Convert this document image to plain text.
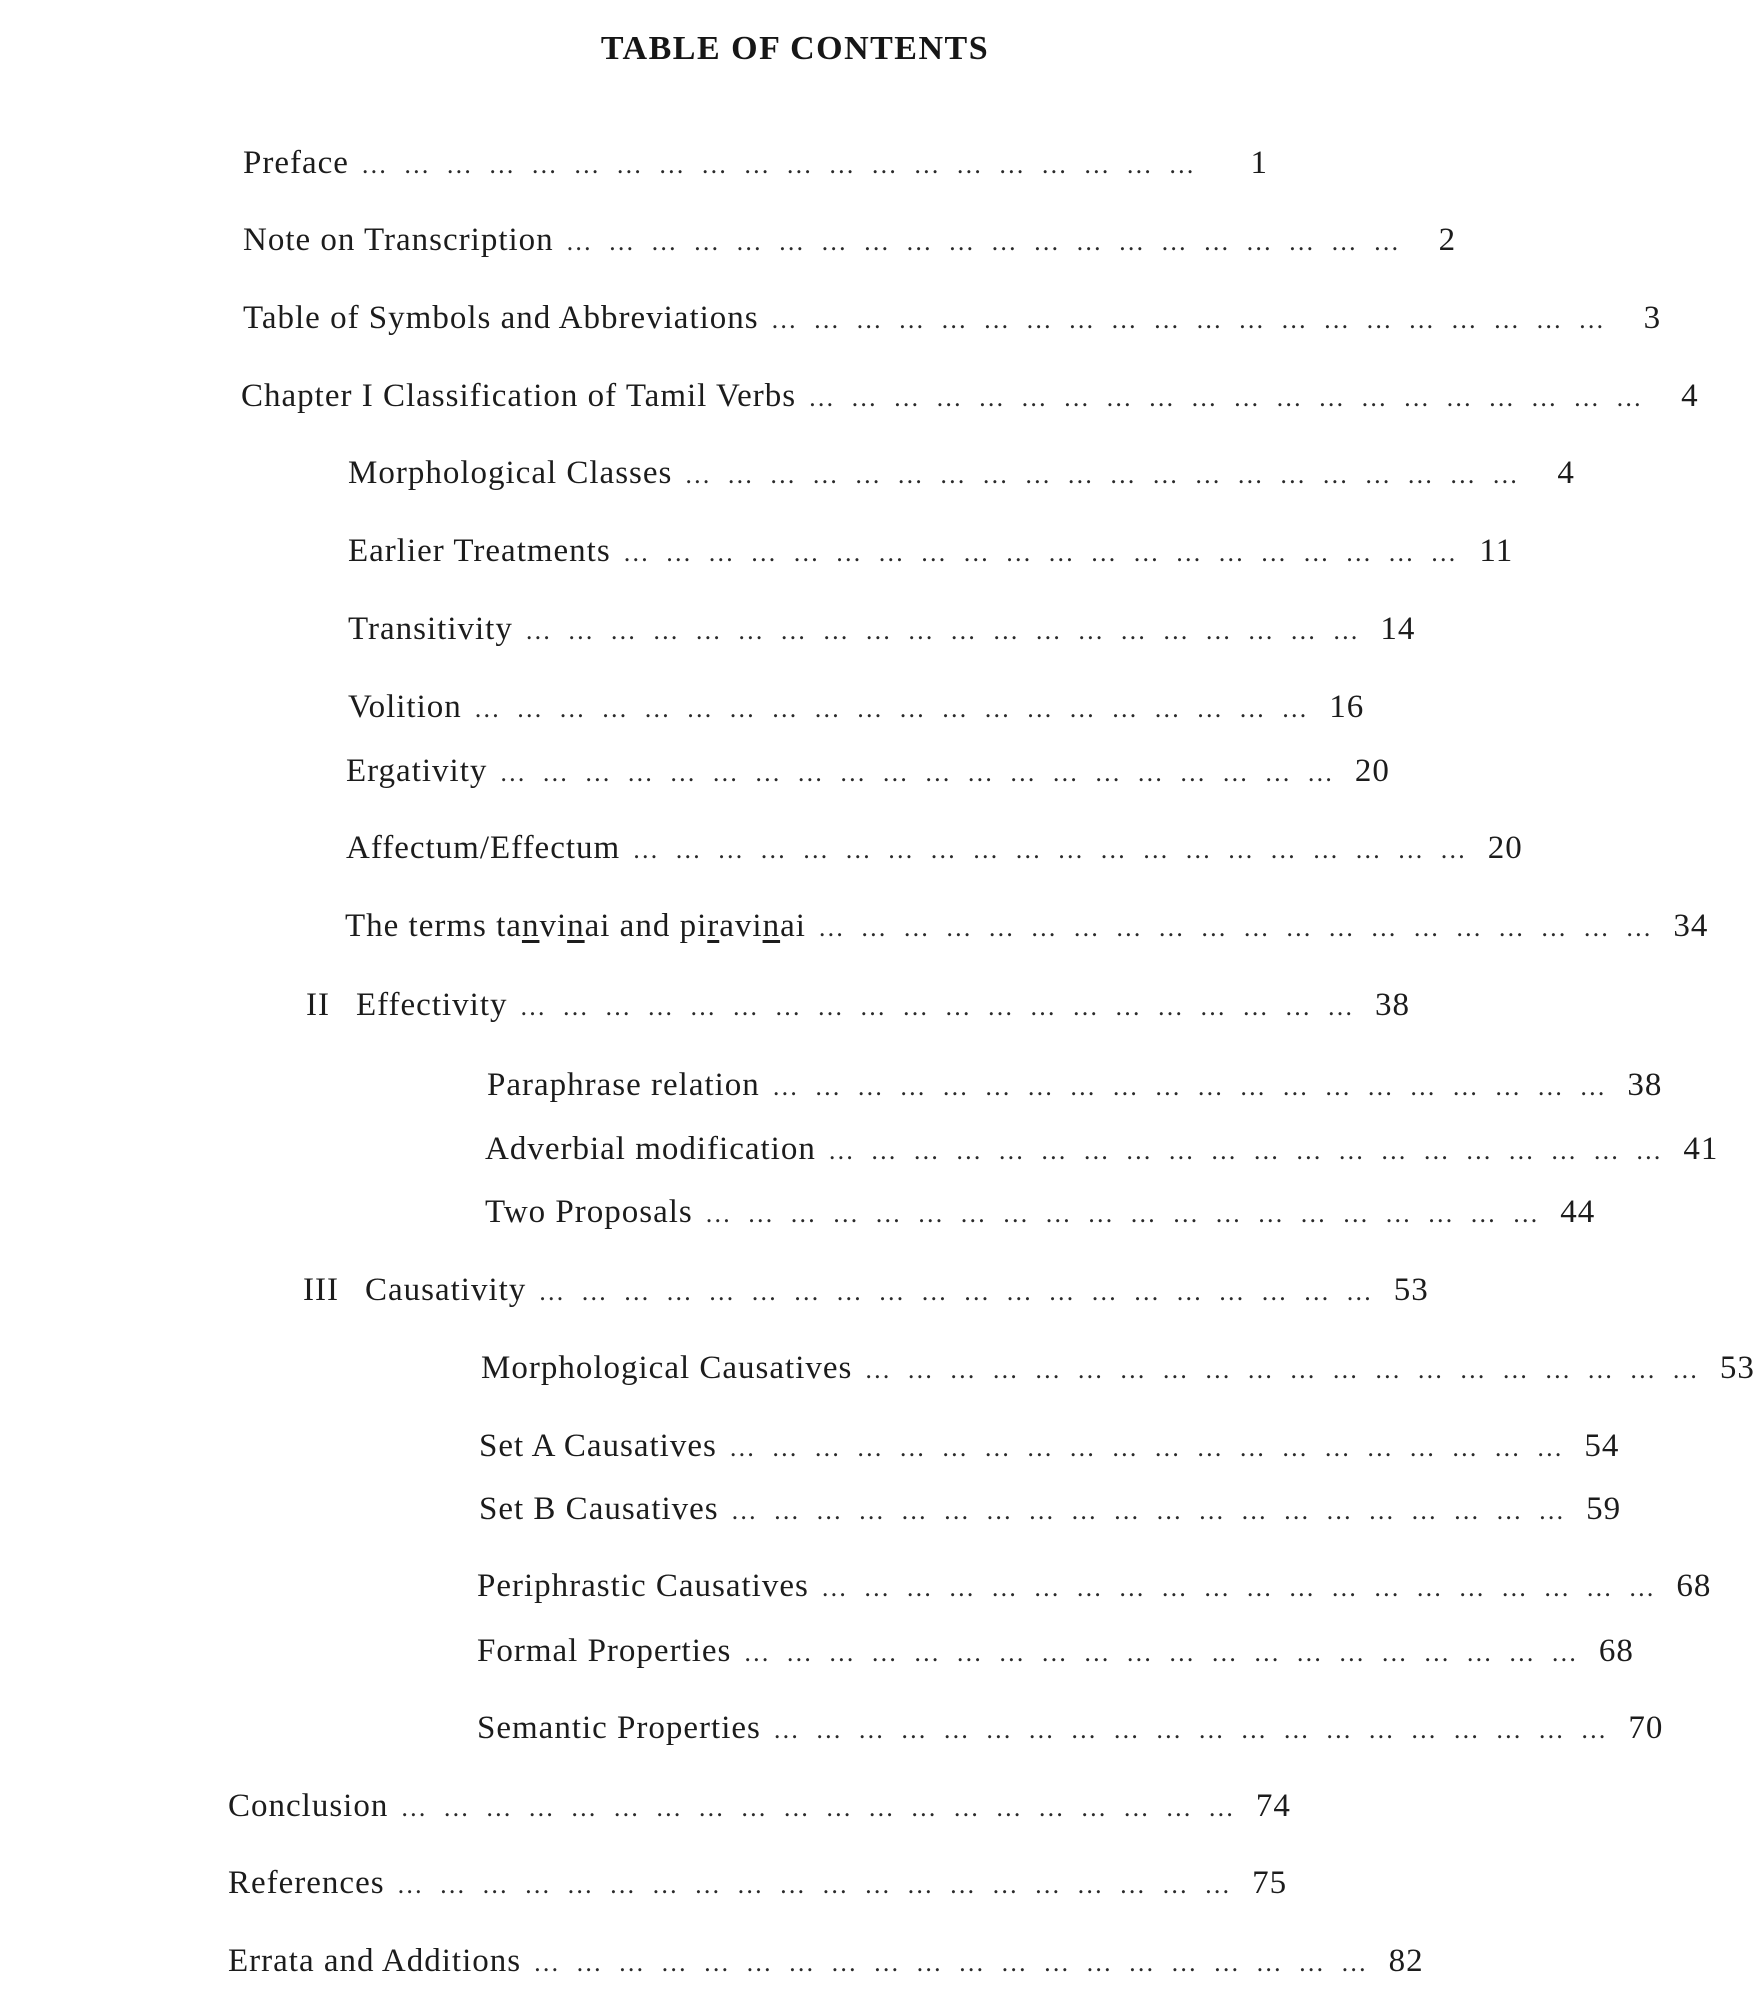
TABLE OF CONTENTS
Preface … … … … … … … … … … … … … … … … … … … …	1
Note on Transcription … … … … … … … … … … … … … … … … … … … …	2
Table of Symbols and Abbreviations … … … … … … … … … … … … … … … … … … … …	3
Chapter I Classification of Tamil Verbs … … … … … … … … … … … … … … … … … … … …	4
Morphological Classes … … … … … … … … … … … … … … … … … … … …	4
Earlier Treatments … … … … … … … … … … … … … … … … … … … … 11
Transitivity … … … … … … … … … … … … … … … … … … … … 14
Volition … … … … … … … … … … … … … … … … … … … … 16
Ergativity … … … … … … … … … … … … … … … … … … … … 20
Affectum/Effectum … … … … … … … … … … … … … … … … … … … … 20
The terms tanvinai and piravinai … … … … … … … … … … … … … … … … … … … … 34
II Effectivity … … … … … … … … … … … … … … … … … … … … 38
Paraphrase relation … … … … … … … … … … … … … … … … … … … … 38
Adverbial modification … … … … … … … … … … … … … … … … … … … … 41
Two Proposals … … … … … … … … … … … … … … … … … … … … 44
III Causativity … … … … … … … … … … … … … … … … … … … … 53
Morphological Causatives … … … … … … … … … … … … … … … … … … … … 53
Set A Causatives … … … … … … … … … … … … … … … … … … … … 54
Set B Causatives … … … … … … … … … … … … … … … … … … … … 59
Periphrastic Causatives … … … … … … … … … … … … … … … … … … … … 68
Formal Properties … … … … … … … … … … … … … … … … … … … … 68
Semantic Properties … … … … … … … … … … … … … … … … … … … … 70
Conclusion … … … … … … … … … … … … … … … … … … … … 74
References … … … … … … … … … … … … … … … … … … … … 75
Errata and Additions … … … … … … … … … … … … … … … … … … … … 82
